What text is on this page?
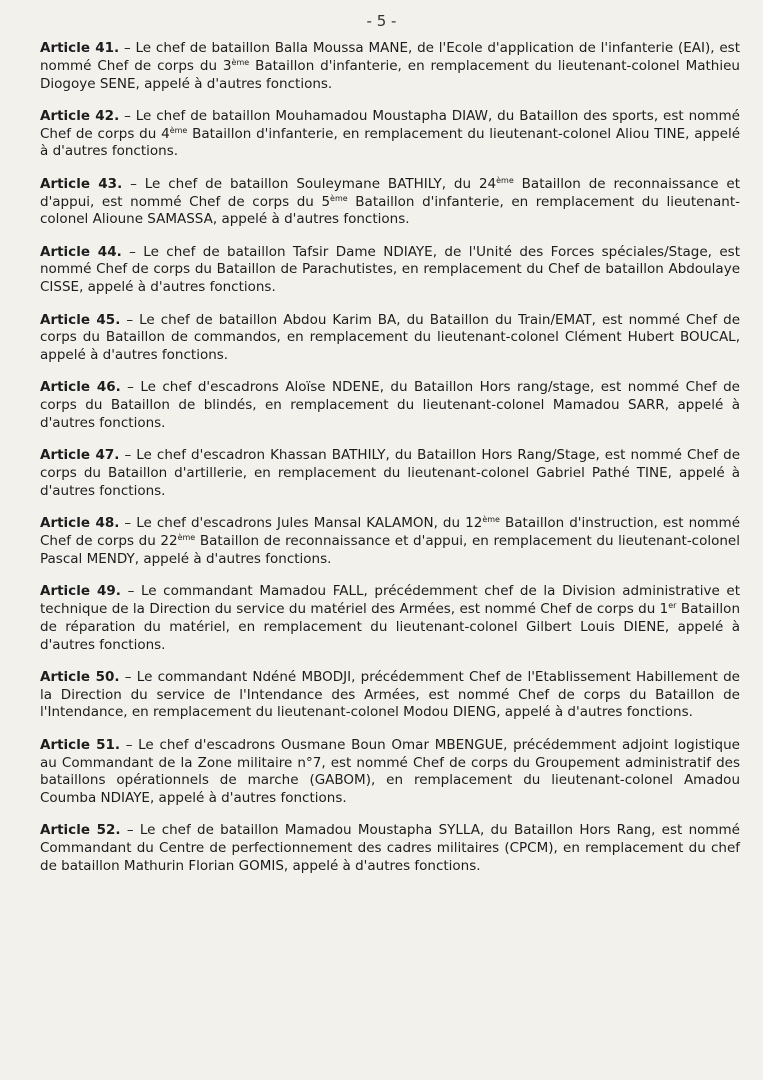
- 5 -

Article 41. – Le chef de bataillon Balla Moussa MANE, de l'Ecole d'application de l'infanterie (EAI), est nommé Chef de corps du 3ème Bataillon d'infanterie, en remplacement du lieutenant-colonel Mathieu Diogoye SENE, appelé à d'autres fonctions.

Article 42. – Le chef de bataillon Mouhamadou Moustapha DIAW, du Bataillon des sports, est nommé Chef de corps du 4ème Bataillon d'infanterie, en remplacement du lieutenant-colonel Aliou TINE, appelé à d'autres fonctions.

Article 43. – Le chef de bataillon Souleymane BATHILY, du 24ème Bataillon de reconnaissance et d'appui, est nommé Chef de corps du 5ème Bataillon d'infanterie, en remplacement du lieutenant-colonel Alioune SAMASSA, appelé à d'autres fonctions.

Article 44. – Le chef de bataillon Tafsir Dame NDIAYE, de l'Unité des Forces spéciales/Stage, est nommé Chef de corps du Bataillon de Parachutistes, en remplacement du Chef de bataillon Abdoulaye CISSE, appelé à d'autres fonctions.

Article 45. – Le chef de bataillon Abdou Karim BA, du Bataillon du Train/EMAT, est nommé Chef de corps du Bataillon de commandos, en remplacement du lieutenant-colonel Clément Hubert BOUCAL, appelé à d'autres fonctions.

Article 46. – Le chef d'escadrons Aloïse NDENE, du Bataillon Hors rang/stage, est nommé Chef de corps du Bataillon de blindés, en remplacement du lieutenant-colonel Mamadou SARR, appelé à d'autres fonctions.

Article 47. – Le chef d'escadron Khassan BATHILY, du Bataillon Hors Rang/Stage, est nommé Chef de corps du Bataillon d'artillerie, en remplacement du lieutenant-colonel Gabriel Pathé TINE, appelé à d'autres fonctions.

Article 48. – Le chef d'escadrons Jules Mansal KALAMON, du 12ème Bataillon d'instruction, est nommé Chef de corps du 22ème Bataillon de reconnaissance et d'appui, en remplacement du lieutenant-colonel Pascal MENDY, appelé à d'autres fonctions.

Article 49. – Le commandant Mamadou FALL, précédemment chef de la Division administrative et technique de la Direction du service du matériel des Armées, est nommé Chef de corps du 1er Bataillon de réparation du matériel, en remplacement du lieutenant-colonel Gilbert Louis DIENE, appelé à d'autres fonctions.

Article 50. – Le commandant Ndéné MBODJI, précédemment Chef de l'Etablissement Habillement de la Direction du service de l'Intendance des Armées, est nommé Chef de corps du Bataillon de l'Intendance, en remplacement du lieutenant-colonel Modou DIENG, appelé à d'autres fonctions.

Article 51. – Le chef d'escadrons Ousmane Boun Omar MBENGUE, précédemment adjoint logistique au Commandant de la Zone militaire n°7, est nommé Chef de corps du Groupement administratif des bataillons opérationnels de marche (GABOM), en remplacement du lieutenant-colonel Amadou Coumba NDIAYE, appelé à d'autres fonctions.

Article 52. – Le chef de bataillon Mamadou Moustapha SYLLA, du Bataillon Hors Rang, est nommé Commandant du Centre de perfectionnement des cadres militaires (CPCM), en remplacement du chef de bataillon Mathurin Florian GOMIS, appelé à d'autres fonctions.
